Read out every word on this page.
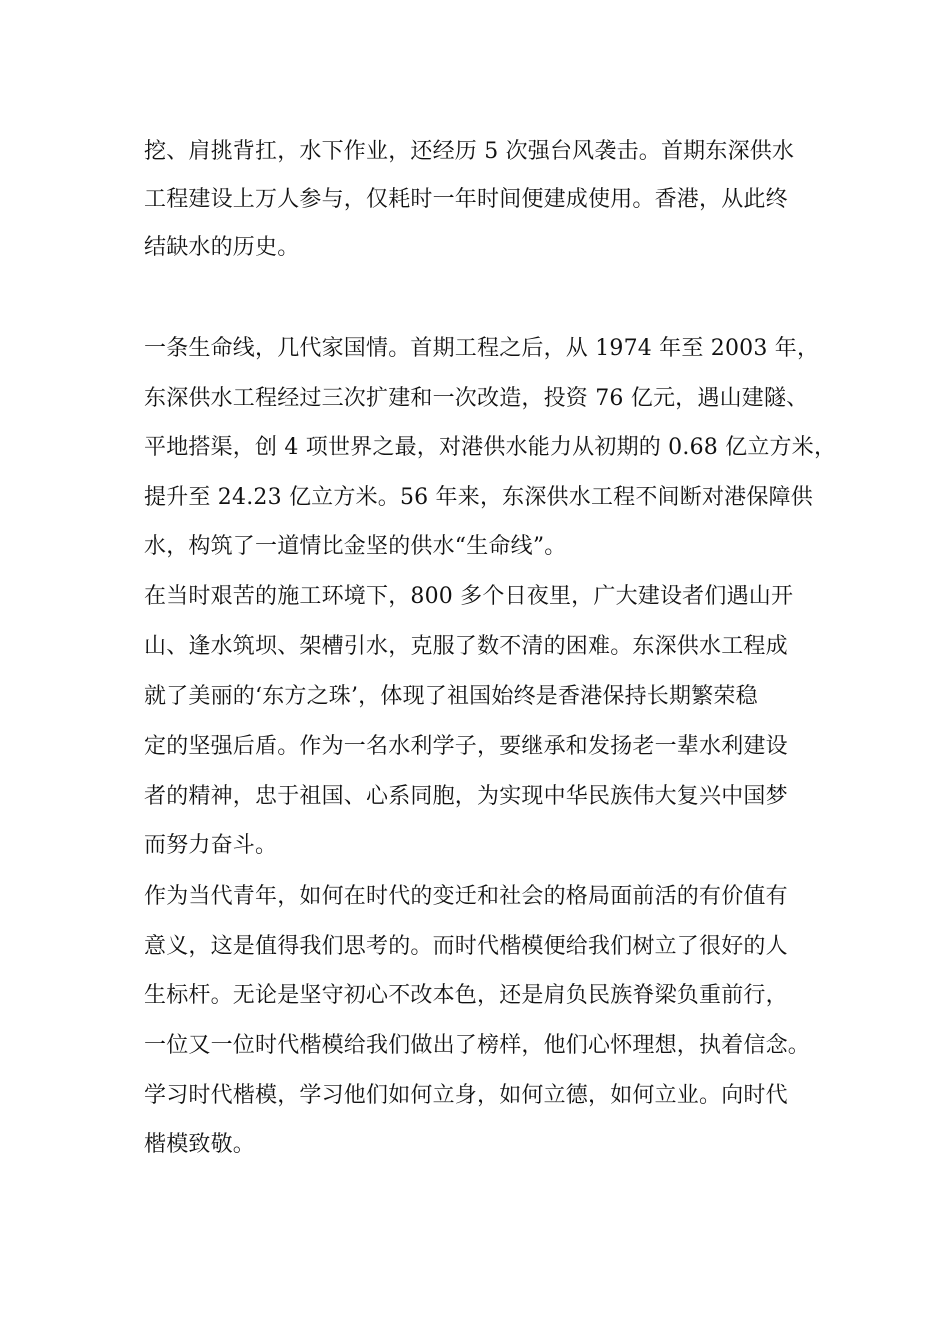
挖、肩挑背扛，水下作业，还经历 5 次强台风袭击。首期东深供水
工程建设上万人参与，仅耗时一年时间便建成使用。香港，从此终
结缺水的历史。
一条生命线，几代家国情。首期工程之后，从 1974 年至 2003 年，
东深供水工程经过三次扩建和一次改造，投资 76 亿元，遇山建隧、
平地搭渠，创 4 项世界之最，对港供水能力从初期的 0.68 亿立方米，
提升至 24.23 亿立方米。56 年来，东深供水工程不间断对港保障供
水，构筑了一道情比金坚的供水“生命线”。
在当时艰苦的施工环境下，800 多个日夜里，广大建设者们遇山开
山、逢水筑坝、架槽引水，克服了数不清的困难。东深供水工程成
就了美丽的‘东方之珠’，体现了祖国始终是香港保持长期繁荣稳
定的坚强后盾。作为一名水利学子，要继承和发扬老一辈水利建设
者的精神，忠于祖国、心系同胞，为实现中华民族伟大复兴中国梦
而努力奋斗。
作为当代青年，如何在时代的变迁和社会的格局面前活的有价值有
意义，这是值得我们思考的。而时代楷模便给我们树立了很好的人
生标杆。无论是坚守初心不改本色，还是肩负民族脊梁负重前行，
一位又一位时代楷模给我们做出了榜样，他们心怀理想，执着信念。
学习时代楷模，学习他们如何立身，如何立德，如何立业。向时代
楷模致敬。
